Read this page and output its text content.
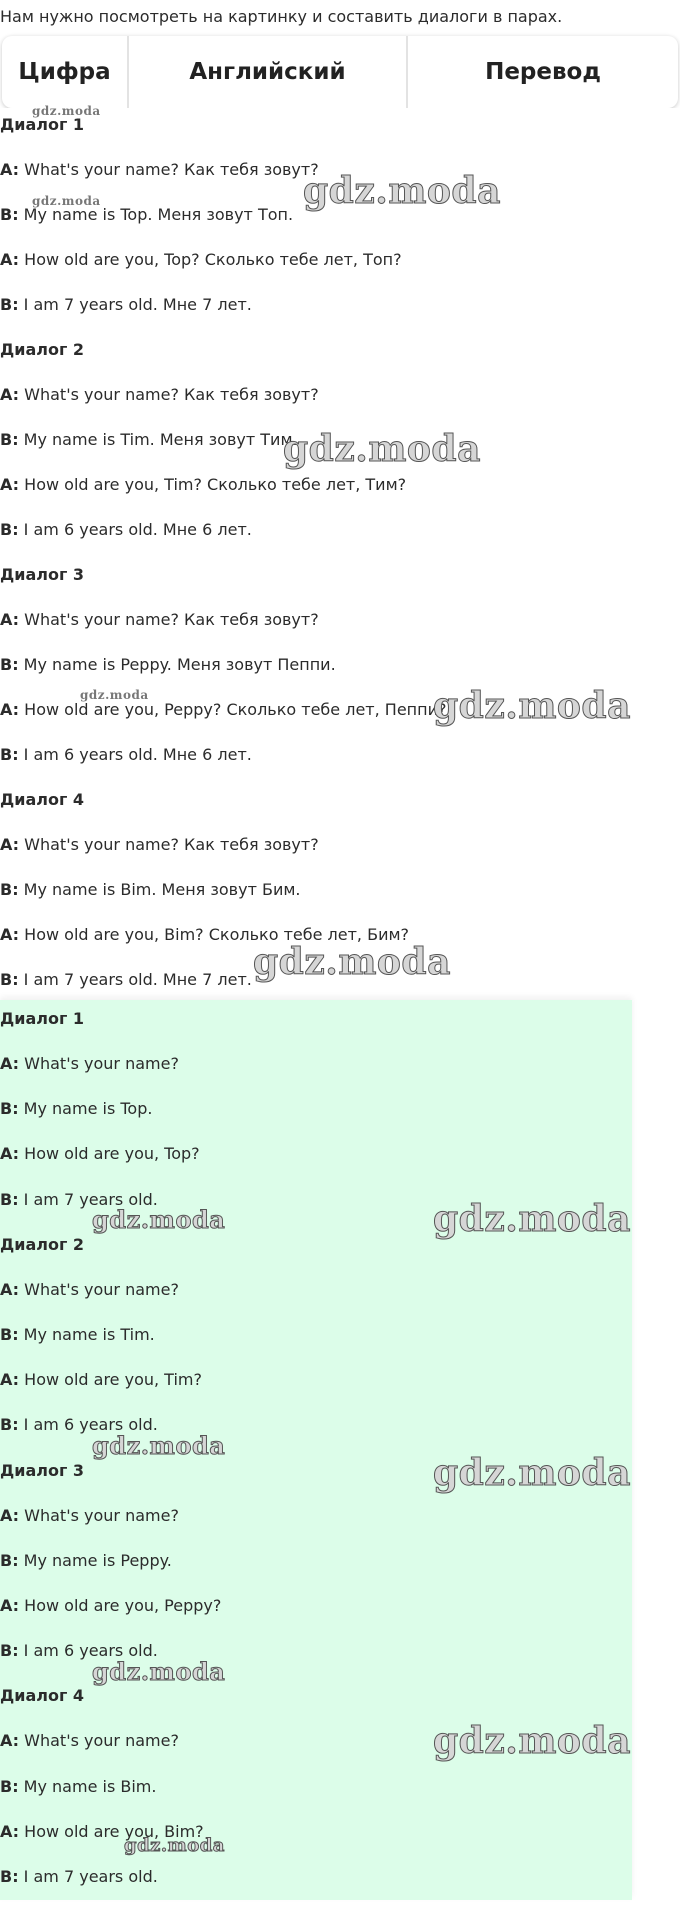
Нам нужно посмотреть на картинку и составить диалоги в парах.
Цифра	Английский	Перевод
Диалог 1
A: What's your name? Как тебя зовут?
B: My name is Top. Меня зовут Топ.
A: How old are you, Top? Сколько тебе лет, Топ?
B: I am 7 years old. Мне 7 лет.
Диалог 2
A: What's your name? Как тебя зовут?
B: My name is Tim. Меня зовут Тим.
A: How old are you, Tim? Сколько тебе лет, Тим?
B: I am 6 years old. Мне 6 лет.
Диалог 3
A: What's your name? Как тебя зовут?
B: My name is Peppy. Меня зовут Пеппи.
A: How old are you, Peppy? Сколько тебе лет, Пеппи?
B: I am 6 years old. Мне 6 лет.
Диалог 4
A: What's your name? Как тебя зовут?
B: My name is Bim. Меня зовут Бим.
A: How old are you, Bim? Сколько тебе лет, Бим?
B: I am 7 years old. Мне 7 лет.
Диалог 1
A: What's your name?
B: My name is Top.
A: How old are you, Top?
B: I am 7 years old.
Диалог 2
A: What's your name?
B: My name is Tim.
A: How old are you, Tim?
B: I am 6 years old.
Диалог 3
A: What's your name?
B: My name is Peppy.
A: How old are you, Peppy?
B: I am 6 years old.
Диалог 4
A: What's your name?
B: My name is Bim.
A: How old are you, Bim?
B: I am 7 years old.
gdz.moda
gdz.moda	gdz.moda
gdz.moda
gdz.moda	gdz.moda
gdz.moda
gdz.moda	gdz.moda
gdz.moda
gdz.moda
gdz.moda
gdz.moda
gdz.moda
